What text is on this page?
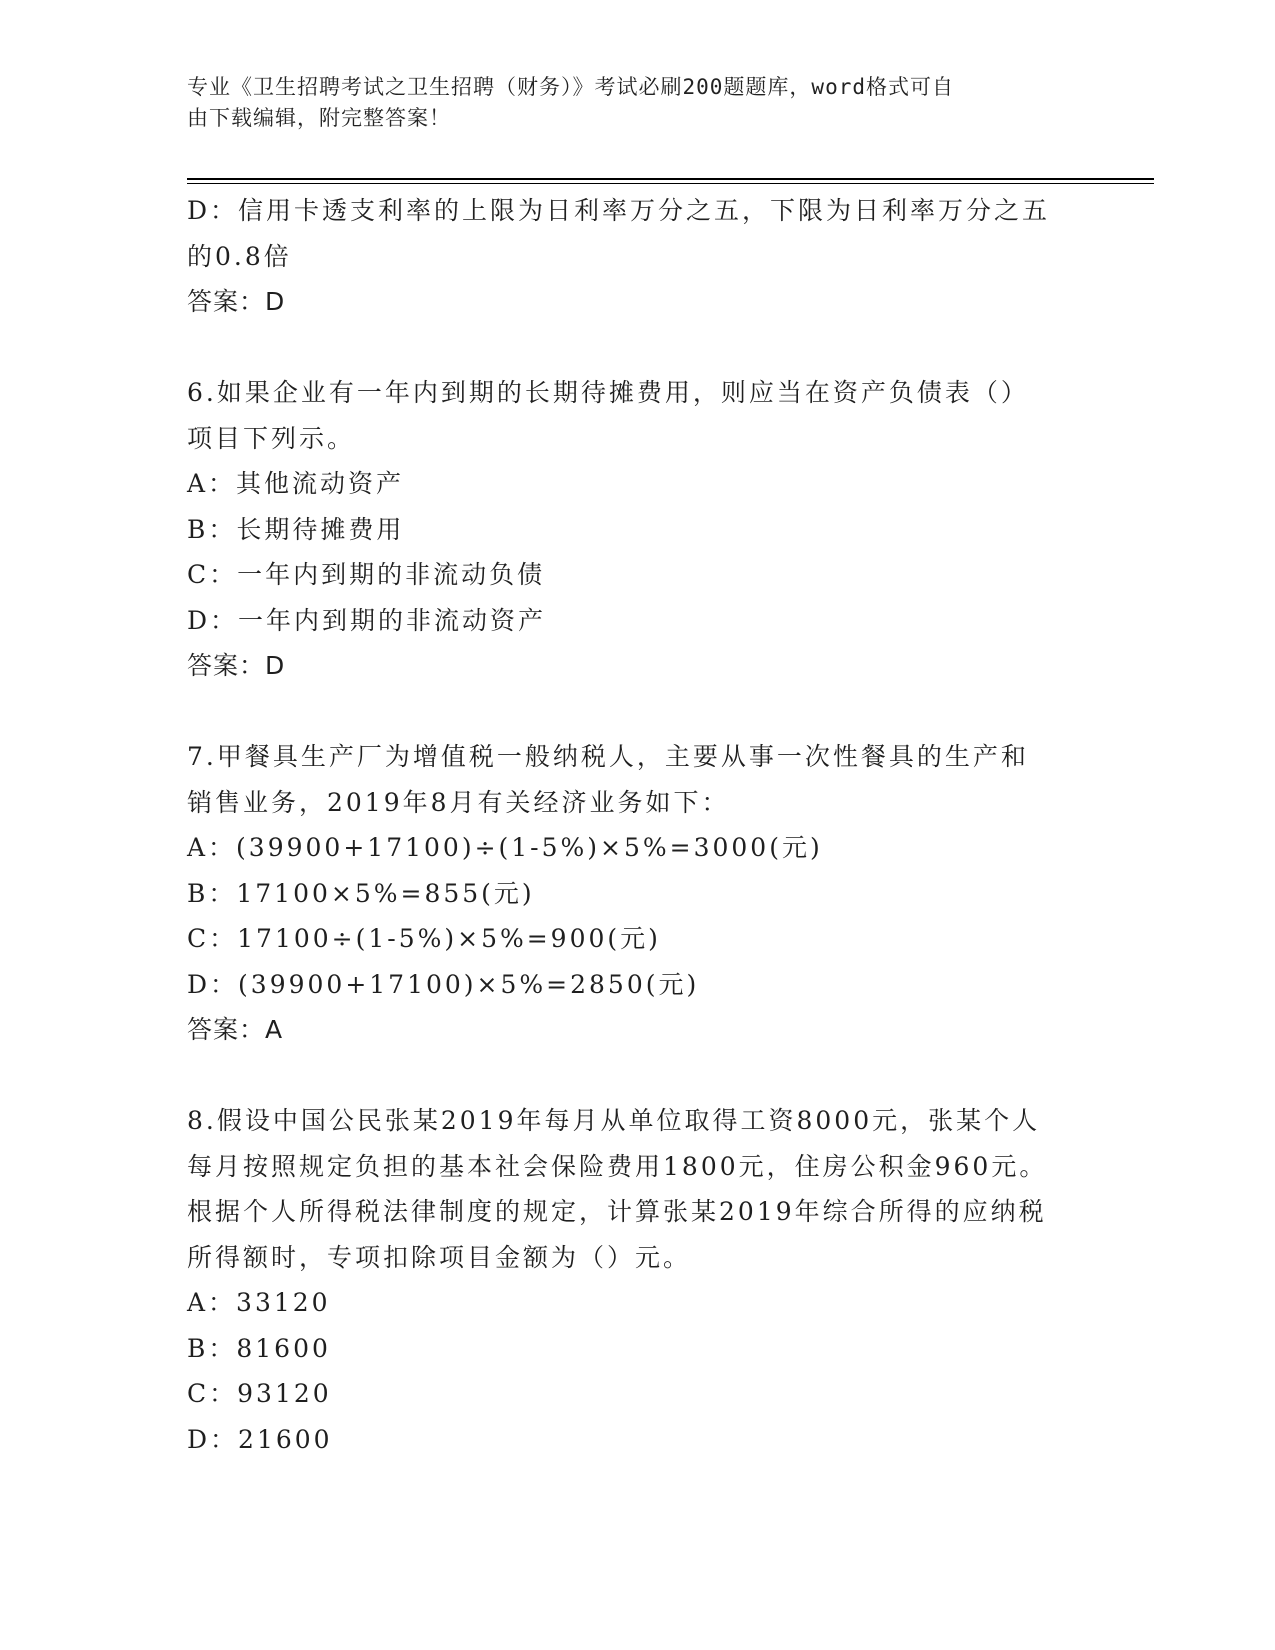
专业《卫生招聘考试之卫生招聘（财务）》考试必刷200题题库，word格式可自
由下载编辑，附完整答案！
D：信用卡透支利率的上限为日利率万分之五，下限为日利率万分之五
的0.8倍
答案：D
6.如果企业有一年内到期的长期待摊费用，则应当在资产负债表（）
项目下列示。
A：其他流动资产
B：长期待摊费用
C：一年内到期的非流动负债
D：一年内到期的非流动资产
答案：D
7.甲餐具生产厂为增值税一般纳税人，主要从事一次性餐具的生产和
销售业务，2019年8月有关经济业务如下：
A：(39900+17100)÷(1-5%)×5%=3000(元)
B：17100×5%=855(元)
C：17100÷(1-5%)×5%=900(元)
D：(39900+17100)×5%=2850(元)
答案：A
8.假设中国公民张某2019年每月从单位取得工资8000元，张某个人
每月按照规定负担的基本社会保险费用1800元，住房公积金960元。
根据个人所得税法律制度的规定，计算张某2019年综合所得的应纳税
所得额时，专项扣除项目金额为（）元。
A：33120
B：81600
C：93120
D：21600
